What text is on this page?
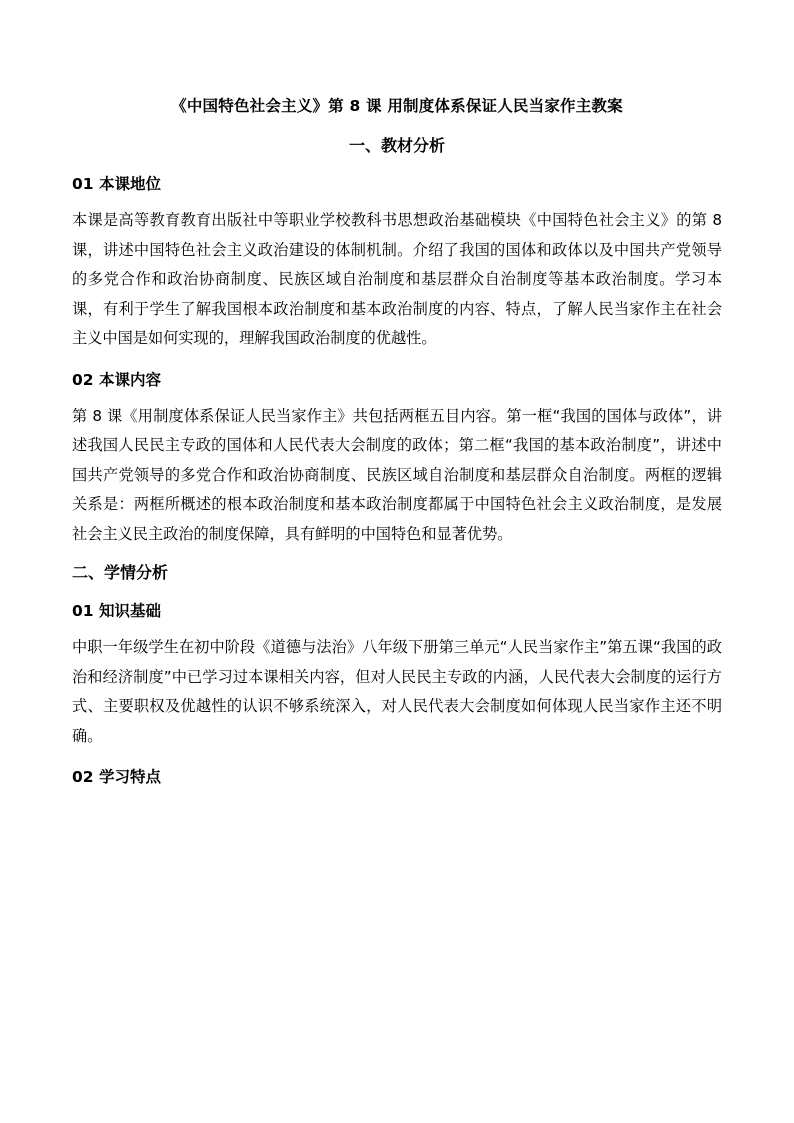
《中国特色社会主义》第 8 课 用制度体系保证人民当家作主教案
一、教材分析
01 本课地位

本课是高等教育教育出版社中等职业学校教科书思想政治基础模块《中国特色社会主义》的第 8 课，讲述中国特色社会主义政治建设的体制机制。介绍了我国的国体和政体以及中国共产党领导的多党合作和政治协商制度、民族区域自治制度和基层群众自治制度等基本政治制度。学习本课，有利于学生了解我国根本政治制度和基本政治制度的内容、特点，了解人民当家作主在社会主义中国是如何实现的，理解我国政治制度的优越性。

02 本课内容

第 8 课《用制度体系保证人民当家作主》共包括两框五目内容。第一框“我国的国体与政体”，讲述我国人民民主专政的国体和人民代表大会制度的政体；第二框“我国的基本政治制度”，讲述中国共产党领导的多党合作和政治协商制度、民族区域自治制度和基层群众自治制度。两框的逻辑关系是：两框所概述的根本政治制度和基本政治制度都属于中国特色社会主义政治制度，是发展社会主义民主政治的制度保障，具有鲜明的中国特色和显著优势。

二、学情分析
01 知识基础

中职一年级学生在初中阶段《道德与法治》八年级下册第三单元“人民当家作主”第五课“我国的政治和经济制度”中已学习过本课相关内容，但对人民民主专政的内涵，人民代表大会制度的运行方式、主要职权及优越性的认识不够系统深入，对人民代表大会制度如何体现人民当家作主还不明确。

02 学习特点
